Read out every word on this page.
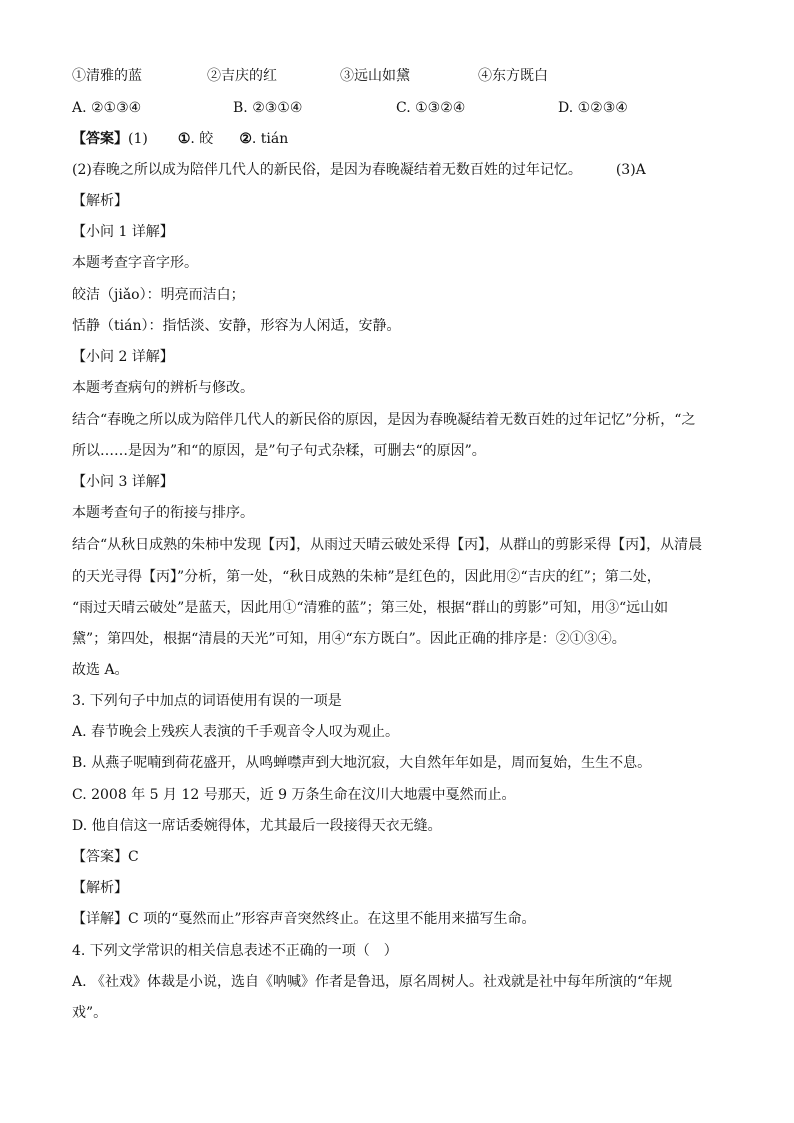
①清雅的蓝	②吉庆的红	③远山如黛	④东方既白
A. ②①③④	B. ②③①④	C. ①③②④	D. ①②③④
【答案】(1) ①. 皎 ②. tián
(2)春晚之所以成为陪伴几代人的新民俗，是因为春晚凝结着无数百姓的过年记忆。 (3)A
【解析】
【小问 1 详解】
本题考查字音字形。
皎洁（jiǎo）：明亮而洁白；
恬静（tián）：指恬淡、安静，形容为人闲适，安静。
【小问 2 详解】
本题考查病句的辨析与修改。
结合“春晚之所以成为陪伴几代人的新民俗的原因，是因为春晚凝结着无数百姓的过年记忆”分析，“之
所以……是因为”和“的原因，是”句子句式杂糅，可删去“的原因”。
【小问 3 详解】
本题考查句子的衔接与排序。
结合“从秋日成熟的朱柿中发现【丙】，从雨过天晴云破处采得【丙】，从群山的剪影采得【丙】，从清晨
的天光寻得【丙】”分析，第一处，“秋日成熟的朱柿”是红色的，因此用②“吉庆的红”；第二处，
“雨过天晴云破处”是蓝天，因此用①“清雅的蓝”；第三处，根据“群山的剪影”可知，用③“远山如
黛”；第四处，根据“清晨的天光”可知，用④“东方既白”。因此正确的排序是：②①③④。
故选 A。
3. 下列句子中加点的词语使用有误的一项是
A. 春节晚会上残疾人表演的千手观音令人叹为观止。
B. 从燕子呢喃到荷花盛开，从鸣蝉噤声到大地沉寂，大自然年年如是，周而复始，生生不息。
C. 2008 年 5 月 12 号那天，近 9 万条生命在汶川大地震中戛然而止。
D. 他自信这一席话委婉得体，尤其最后一段接得天衣无缝。
【答案】C
【解析】
【详解】C 项的“戛然而止”形容声音突然终止。在这里不能用来描写生命。
4. 下列文学常识的相关信息表述不正确的一项（　）
A. 《社戏》体裁是小说，选自《呐喊》作者是鲁迅，原名周树人。社戏就是社中每年所演的“年规
戏”。
